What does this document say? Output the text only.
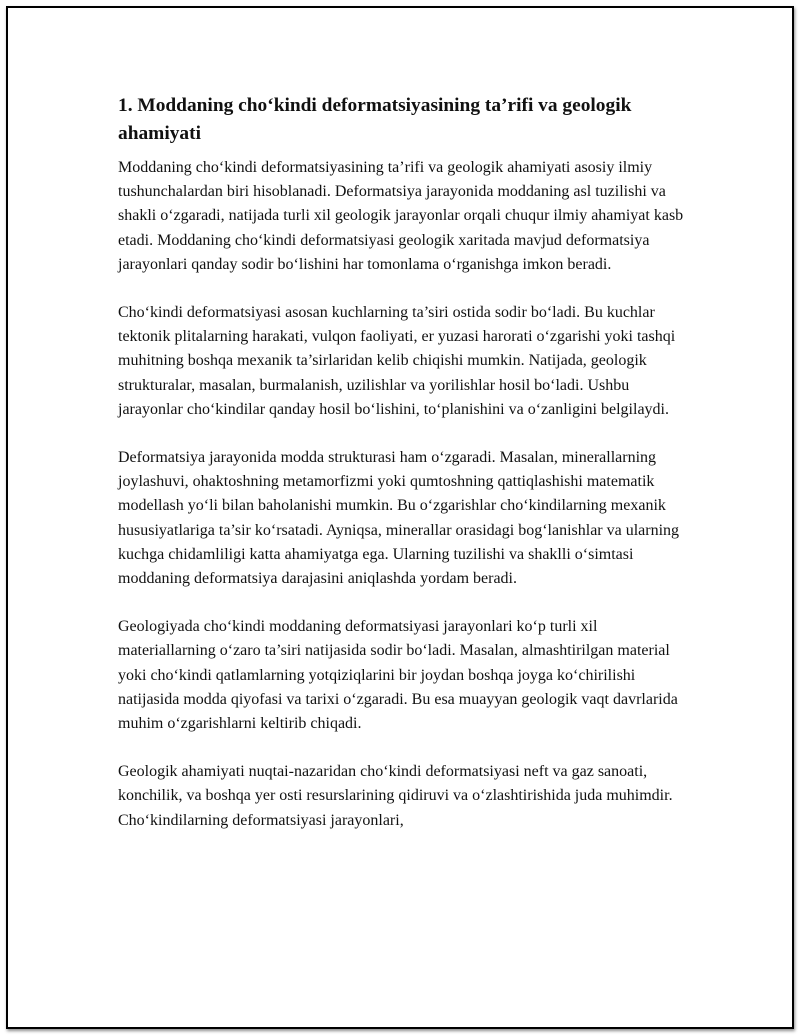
1. Moddaning cho‘kindi deformatsiyasining ta’rifi va geologik ahamiyati

Moddaning cho‘kindi deformatsiyasining ta’rifi va geologik ahamiyati asosiy ilmiy tushunchalardan biri hisoblanadi. Deformatsiya jarayonida moddaning asl tuzilishi va shakli o‘zgaradi, natijada turli xil geologik jarayonlar orqali chuqur ilmiy ahamiyat kasb etadi. Moddaning cho‘kindi deformatsiyasi geologik xaritada mavjud deformatsiya jarayonlari qanday sodir bo‘lishini har tomonlama o‘rganishga imkon beradi.

Cho‘kindi deformatsiyasi asosan kuchlarning ta’siri ostida sodir bo‘ladi. Bu kuchlar tektonik plitalarning harakati, vulqon faoliyati, er yuzasi harorati o‘zgarishi yoki tashqi muhitning boshqa mexanik ta’sirlaridan kelib chiqishi mumkin. Natijada, geologik strukturalar, masalan, burmalanish, uzilishlar va yorilishlar hosil bo‘ladi. Ushbu jarayonlar cho‘kindilar qanday hosil bo‘lishini, to‘planishini va o‘zanligini belgilaydi.

Deformatsiya jarayonida modda strukturasi ham o‘zgaradi. Masalan, minerallarning joylashuvi, ohaktoshning metamorfizmi yoki qumtoshning qattiqlashishi matematik modellash yo‘li bilan baholanishi mumkin. Bu o‘zgarishlar cho‘kindilarning mexanik hususiyatlariga ta’sir ko‘rsatadi. Ayniqsa, minerallar orasidagi bog‘lanishlar va ularning kuchga chidamliligi katta ahamiyatga ega. Ularning tuzilishi va shaklli o‘simtasi moddaning deformatsiya darajasini aniqlashda yordam beradi.

Geologiyada cho‘kindi moddaning deformatsiyasi jarayonlari ko‘p turli xil materiallarning o‘zaro ta’siri natijasida sodir bo‘ladi. Masalan, almashtirilgan material yoki cho‘kindi qatlamlarning yotqiziqlarini bir joydan boshqa joyga ko‘chirilishi natijasida modda qiyofasi va tarixi o‘zgaradi. Bu esa muayyan geologik vaqt davrlarida muhim o‘zgarishlarni keltirib chiqadi.

Geologik ahamiyati nuqtai-nazaridan cho‘kindi deformatsiyasi neft va gaz sanoati, konchilik, va boshqa yer osti resurslarining qidiruvi va o‘zlashtirishida juda muhimdir. Cho‘kindilarning deformatsiyasi jarayonlari,
